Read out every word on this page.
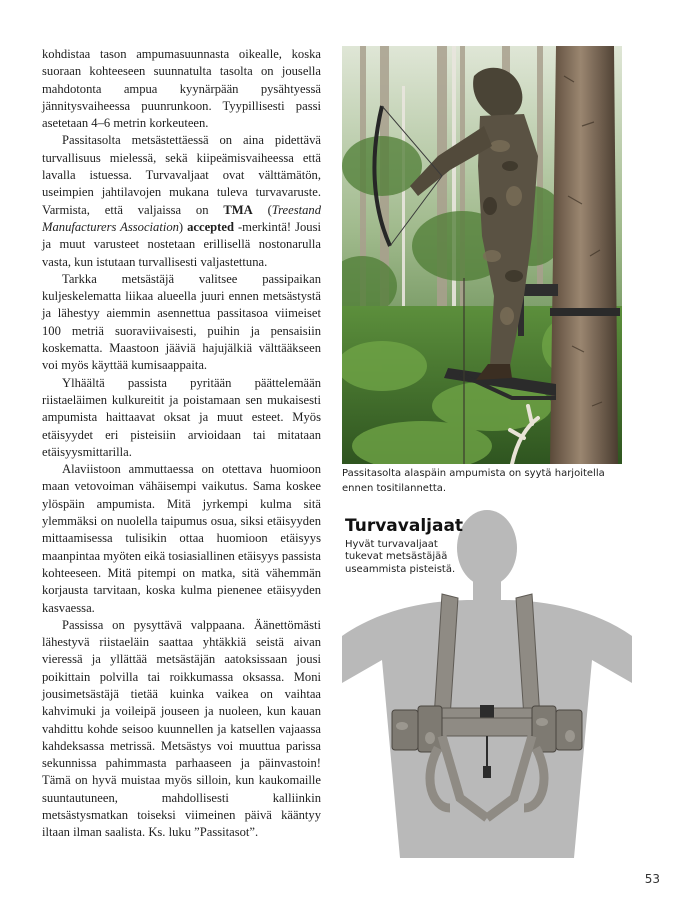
kohdistaa tason ampumasuunnasta oikealle, koska suoraan kohteeseen suunnatulta tasolta on jousella mahdotonta ampua kyynärpään pysähtyessä jännitysvaiheessa puunrunkoon. Tyypillisesti passi asetetaan 4–6 metrin korkeuteen.

Passitasolta metsästettäessä on aina pidettävä turvallisuus mielessä, sekä kiipeämisvaiheessa että lavalla istuessa. Turvavaljaat ovat välttämätön, useimpien jahtilavojen mukana tuleva turvavaruste. Varmista, että valjaissa on TMA (Treestand Manufacturers Association) accepted -merkintä! Jousi ja muut varusteet nostetaan erillisellä nostonarulla vasta, kun istutaan turvallisesti valjastettuna.

Tarkka metsästäjä valitsee passipaikan kuljeskelematta liikaa alueella juuri ennen metsästystä ja lähestyy aiemmin asennettua passitasoa viimeiset 100 metriä suoraviivaisesti, puihin ja pensaisiin koskematta. Maastoon jääviä hajujälkiä välttääkseen voi myös käyttää kumisaappaita.

Ylhäältä passista pyritään päättelemään riistaeläimen kulkureitit ja poistamaan sen mukaisesti ampumista haittaavat oksat ja muut esteet. Myös etäisyydet eri pisteisiin arvioidaan tai mitataan etäisyysmittarilla.

Alaviistoon ammuttaessa on otettava huomioon maan vetovoiman vähäisempi vaikutus. Sama koskee ylöspäin ampumista. Mitä jyrkempi kulma sitä ylemmäksi on nuolella taipumus osua, siksi etäisyyden mittaamisessa tulisikin ottaa huomioon etäisyys maanpintaa myöten eikä tosiasiallinen etäisyys passista kohteeseen. Mitä pitempi on matka, sitä vähemmän korjausta tarvitaan, koska kulma pienenee etäisyyden kasvaessa.

Passissa on pysyttävä valppaana. Äänettömästi lähestyvä riistaeläin saattaa yhtäkkiä seistä aivan vieressä ja yllättää metsästäjän aatoksissaan jousi poikittain polvilla tai roikkumassa oksassa. Moni jousimetsästäjä tietää kuinka vaikea on vaihtaa kahvimuki ja voileipä jouseen ja nuoleen, kun kauan vahdittu kohde seisoo kuunnellen ja katsellen vajaassa kahdeksassa metrissä. Metsästys voi muuttua parissa sekunnissa pahimmasta parhaaseen ja päinvastoin! Tämä on hyvä muistaa myös silloin, kun kaukomaille suuntautuneen, mahdollisesti kalliinkin metsästysmatkan toiseksi viimeinen päivä kääntyy iltaan ilman saalista. Ks. luku ”Passitasot”.

Passitasolta alaspäin ampumista on syytä harjoitella ennen tositilannetta.
Turvavaljaat
Hyvät turvavaljaat tukevat metsästäjää useammista pisteistä.
53
